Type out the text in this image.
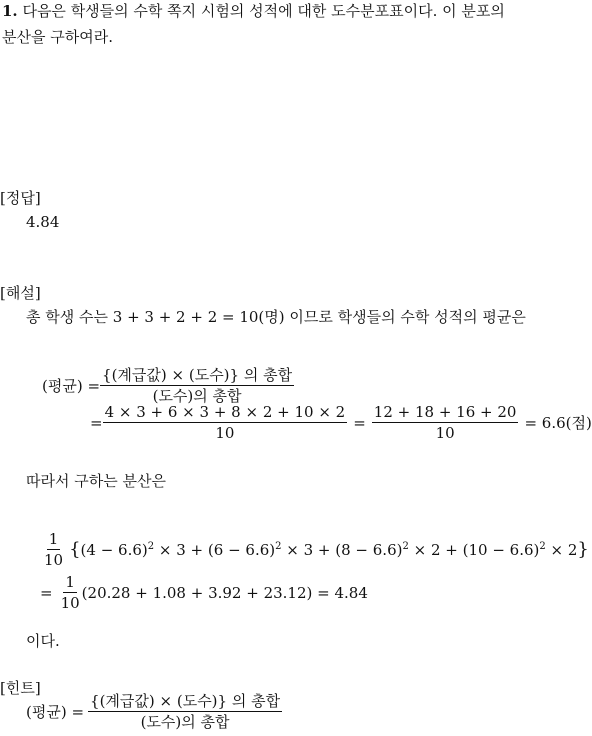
1. 다음은 학생들의 수학 쪽지 시험의 성적에 대한 도수분포표이다. 이 분포의
분산을 구하여라.
[정답]
4.84
[해설]
총 학생 수는 3 + 3 + 2 + 2 = 10(명) 이므로 학생들의 수학 성적의 평균은
(평균) = $\frac{\text{\{(계급값) × (도수)\} 의 총합}}{\text{(도수)의 총합}}$
= $\frac{4 \times 3 + 6 \times 3 + 8 \times 2 + 10 \times 2}{10} = \frac{12 + 18 + 16 + 20}{10} = 6.6$(점)
따라서 구하는 분산은
$\frac{1}{10}$ { $(4 - 6.6)^2 \times 3 + (6 - 6.6)^2 \times 3 + (8 - 6.6)^2 \times 2 + (10 - 6.6)^2 \times 2$ }
= $\frac{1}{10} (20.28 + 1.08 + 3.92 + 23.12) = 4.84$
이다.
[힌트]
(평균) = $\frac{\text{\{(계급값) × (도수)\} 의 총합}}{\text{(도수)의 총합}}$
